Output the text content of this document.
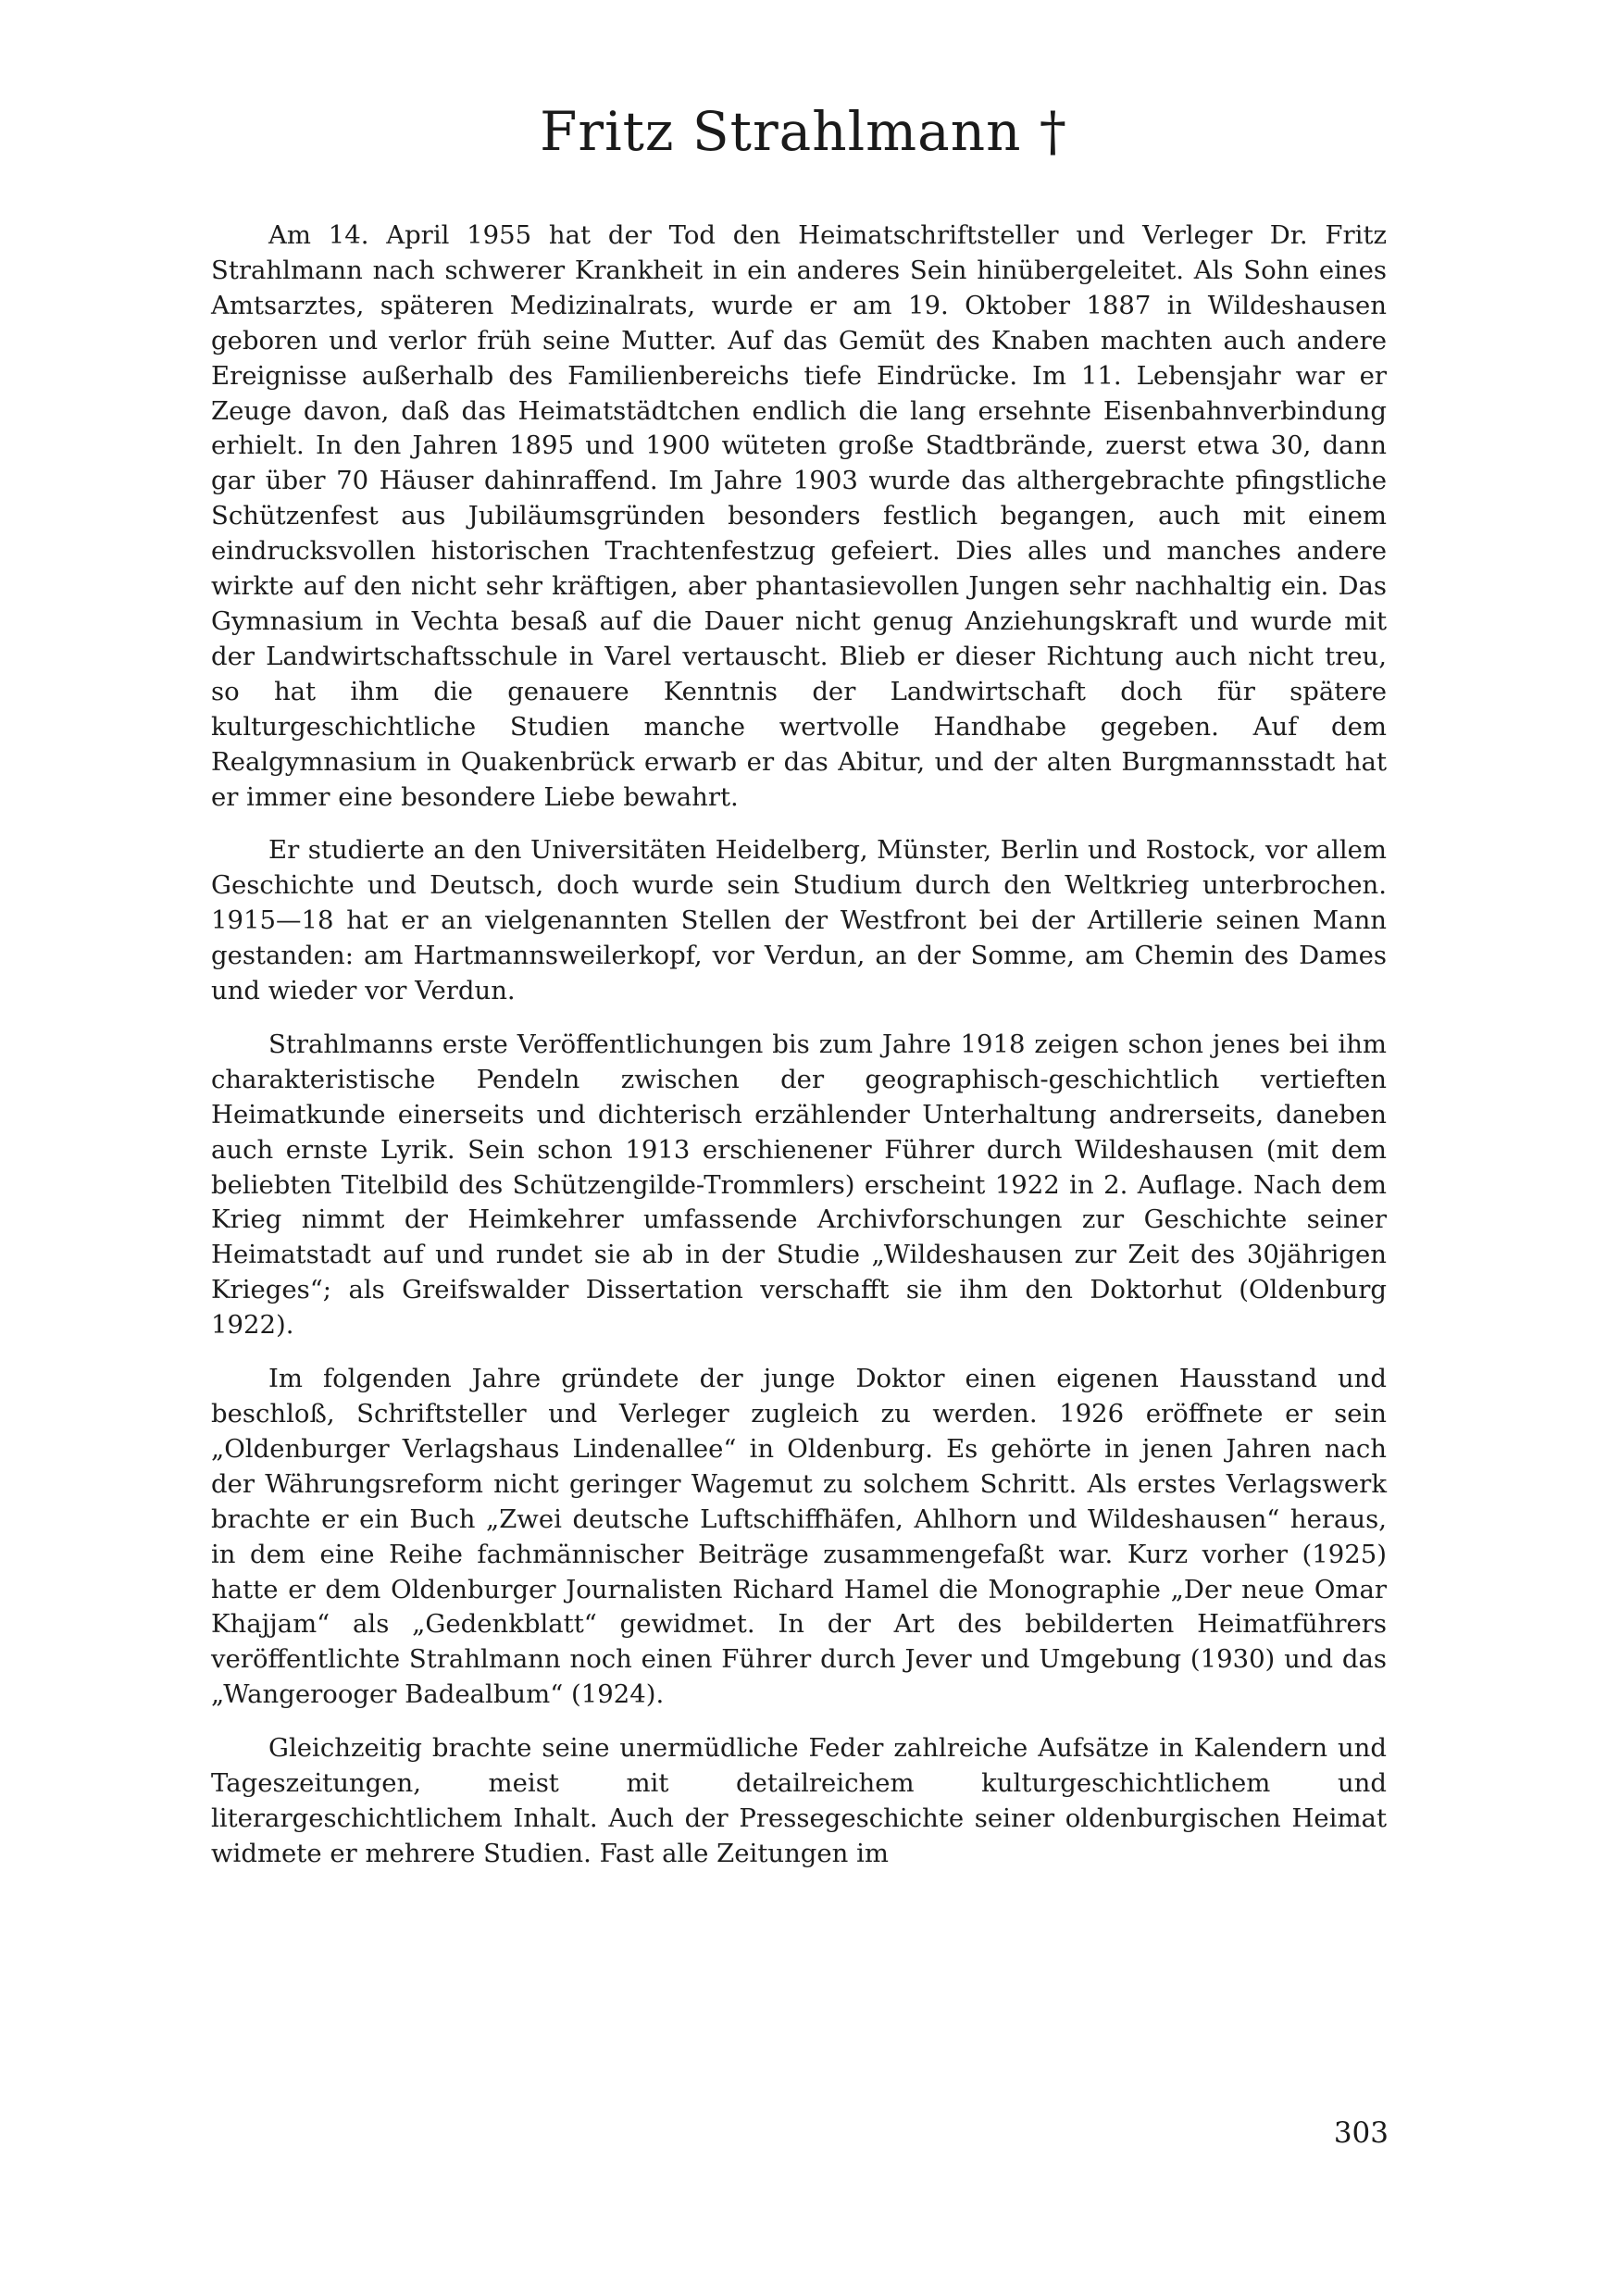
Fritz Strahlmann †

Am 14. April 1955 hat der Tod den Heimatschriftsteller und Verleger Dr. Fritz Strahlmann nach schwerer Krankheit in ein anderes Sein hinübergeleitet. Als Sohn eines Amtsarztes, späteren Medizinalrats, wurde er am 19. Oktober 1887 in Wildeshausen geboren und verlor früh seine Mutter. Auf das Gemüt des Knaben machten auch andere Ereignisse außerhalb des Familienbereichs tiefe Eindrücke. Im 11. Lebensjahr war er Zeuge davon, daß das Heimatstädtchen endlich die lang ersehnte Eisenbahnverbindung erhielt. In den Jahren 1895 und 1900 wüteten große Stadtbrände, zuerst etwa 30, dann gar über 70 Häuser dahinraffend. Im Jahre 1903 wurde das althergebrachte pfingstliche Schützenfest aus Jubiläumsgründen besonders festlich begangen, auch mit einem eindrucksvollen historischen Trachtenfestzug gefeiert. Dies alles und manches andere wirkte auf den nicht sehr kräftigen, aber phantasievollen Jungen sehr nachhaltig ein. Das Gymnasium in Vechta besaß auf die Dauer nicht genug Anziehungskraft und wurde mit der Landwirtschaftsschule in Varel vertauscht. Blieb er dieser Richtung auch nicht treu, so hat ihm die genauere Kenntnis der Landwirtschaft doch für spätere kulturgeschichtliche Studien manche wertvolle Handhabe gegeben. Auf dem Realgymnasium in Quakenbrück erwarb er das Abitur, und der alten Burgmannsstadt hat er immer eine besondere Liebe bewahrt.

Er studierte an den Universitäten Heidelberg, Münster, Berlin und Rostock, vor allem Geschichte und Deutsch, doch wurde sein Studium durch den Weltkrieg unterbrochen. 1915—18 hat er an vielgenannten Stellen der Westfront bei der Artillerie seinen Mann gestanden: am Hartmannsweilerkopf, vor Verdun, an der Somme, am Chemin des Dames und wieder vor Verdun.

Strahlmanns erste Veröffentlichungen bis zum Jahre 1918 zeigen schon jenes bei ihm charakteristische Pendeln zwischen der geographisch-geschichtlich vertieften Heimatkunde einerseits und dichterisch erzählender Unterhaltung andrerseits, daneben auch ernste Lyrik. Sein schon 1913 erschienener Führer durch Wildeshausen (mit dem beliebten Titelbild des Schützengilde-Trommlers) erscheint 1922 in 2. Auflage. Nach dem Krieg nimmt der Heimkehrer umfassende Archivforschungen zur Geschichte seiner Heimatstadt auf und rundet sie ab in der Studie „Wildeshausen zur Zeit des 30jährigen Krieges“; als Greifswalder Dissertation verschafft sie ihm den Doktorhut (Oldenburg 1922).

Im folgenden Jahre gründete der junge Doktor einen eigenen Hausstand und beschloß, Schriftsteller und Verleger zugleich zu werden. 1926 eröffnete er sein „Oldenburger Verlagshaus Lindenallee“ in Oldenburg. Es gehörte in jenen Jahren nach der Währungsreform nicht geringer Wagemut zu solchem Schritt. Als erstes Verlagswerk brachte er ein Buch „Zwei deutsche Luftschiffhäfen, Ahlhorn und Wildeshausen“ heraus, in dem eine Reihe fachmännischer Beiträge zusammengefaßt war. Kurz vorher (1925) hatte er dem Oldenburger Journalisten Richard Hamel die Monographie „Der neue Omar Khajjam“ als „Gedenkblatt“ gewidmet. In der Art des bebilderten Heimatführers veröffentlichte Strahlmann noch einen Führer durch Jever und Umgebung (1930) und das „Wangerooger Badealbum“ (1924).

Gleichzeitig brachte seine unermüdliche Feder zahlreiche Aufsätze in Kalendern und Tageszeitungen, meist mit detailreichem kulturgeschichtlichem und literargeschichtlichem Inhalt. Auch der Pressegeschichte seiner oldenburgischen Heimat widmete er mehrere Studien. Fast alle Zeitungen im

303
